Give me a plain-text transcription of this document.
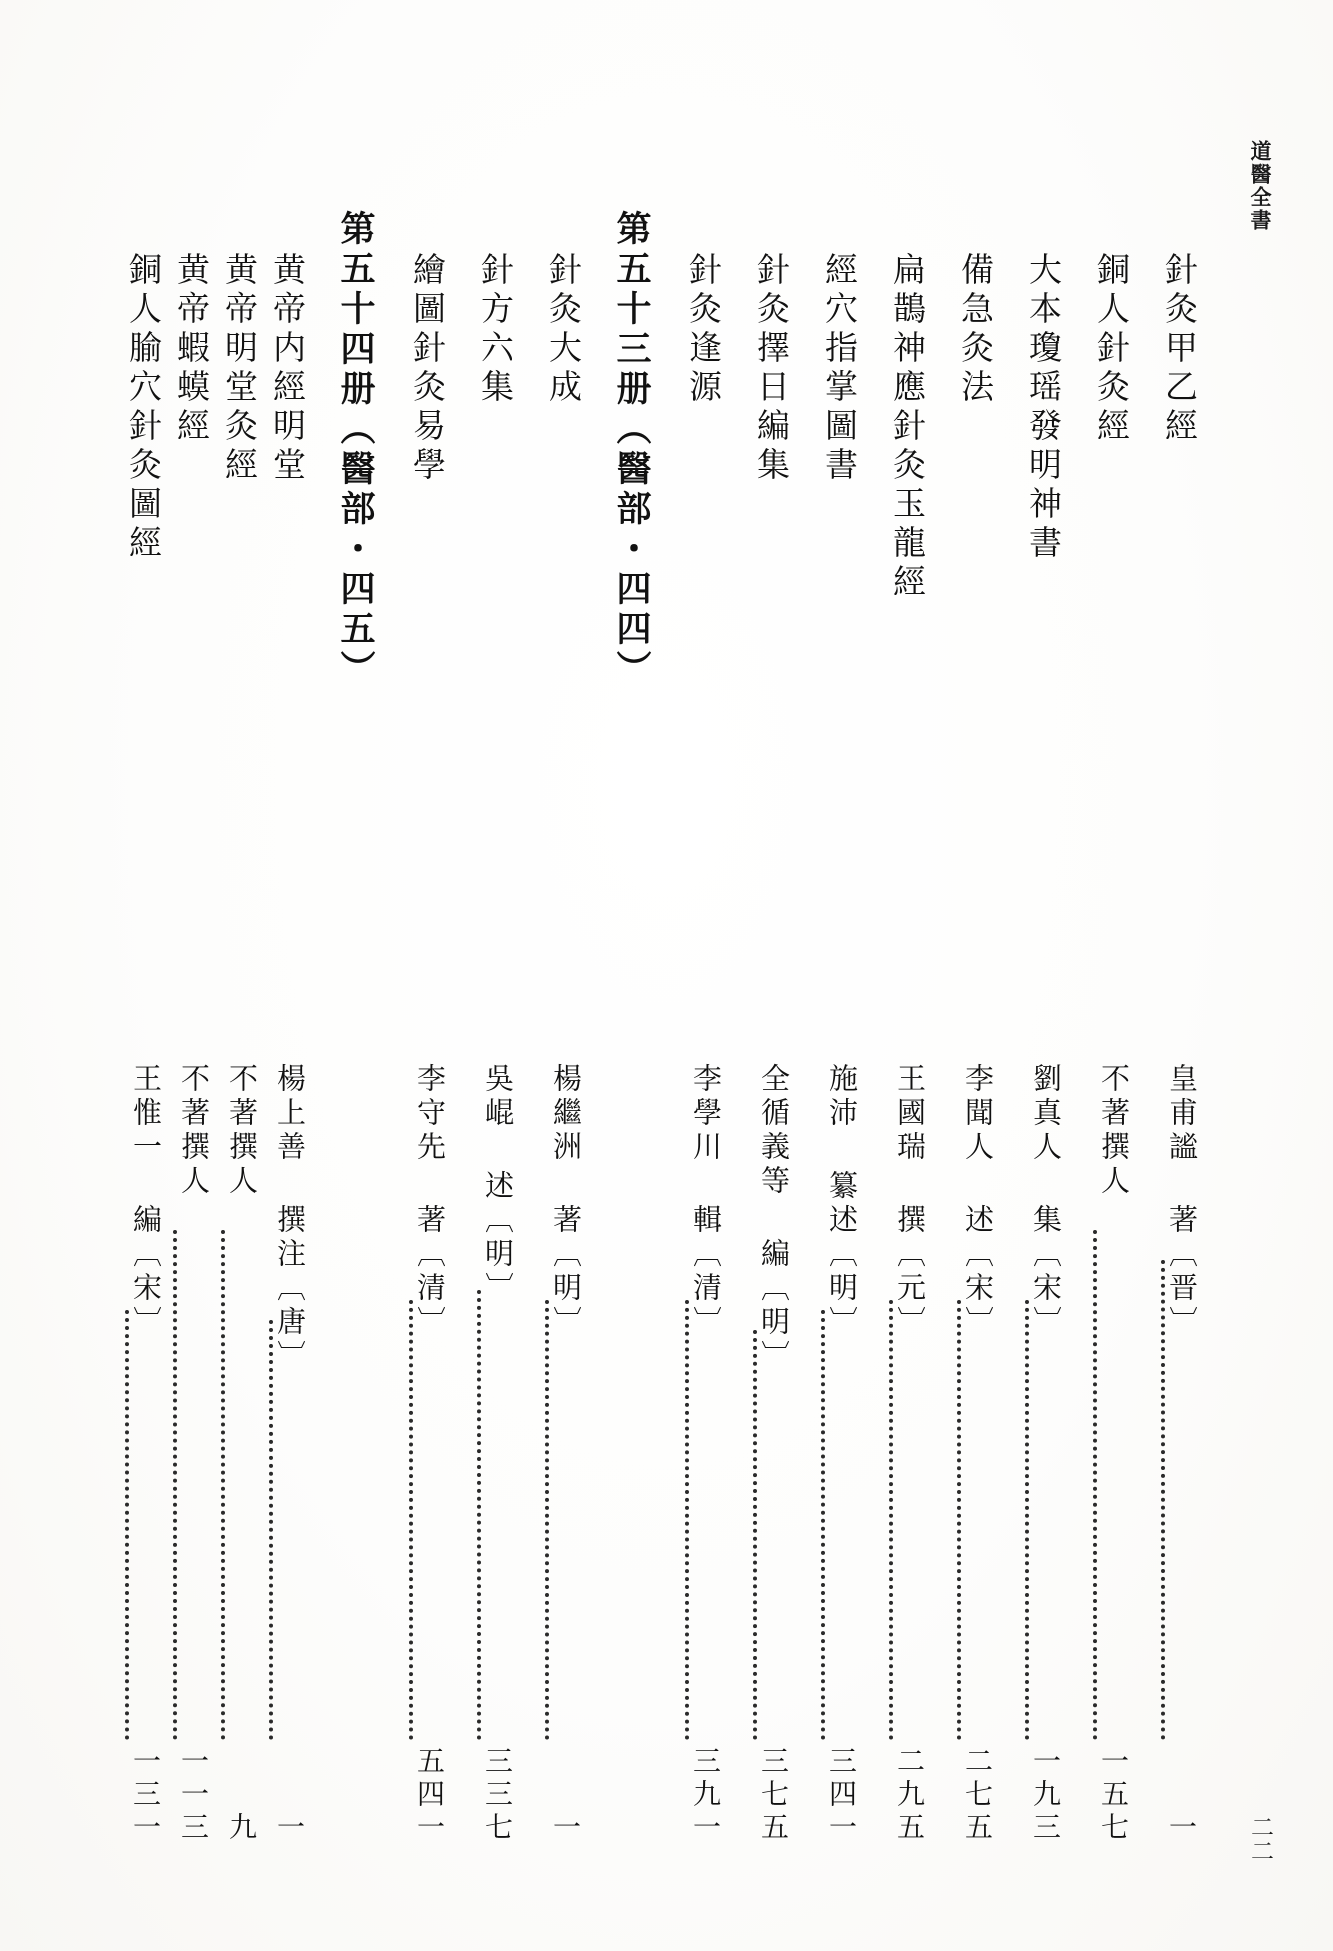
道醫全書
二二
針灸甲乙經
〔晋〕皇甫謐 著
一
銅人針灸經
不著撰人
一五七
大本瓊瑶發明神書
〔宋〕劉真人 集
一九三
備急灸法
〔宋〕李聞人 述
二七五
扁鵲神應針灸玉龍經
〔元〕王國瑞 撰
二九五
經穴指掌圖書
〔明〕施沛 纂述
三四一
針灸擇日編集
〔明〕全循義等 編
三七五
針灸逢源
〔清〕李學川 輯
三九一
第五十三册（醫部・四四）
針灸大成
〔明〕楊繼洲 著
一
針方六集
〔明〕吳崐 述
三三七
繪圖針灸易學
〔清〕李守先 著
五四一
第五十四册（醫部・四五）
黄帝内經明堂
〔唐〕楊上善 撰注
一
黄帝明堂灸經
不著撰人
九
黄帝蝦蟆經
不著撰人
一一三
銅人腧穴針灸圖經
〔宋〕王惟一 編
一三一
